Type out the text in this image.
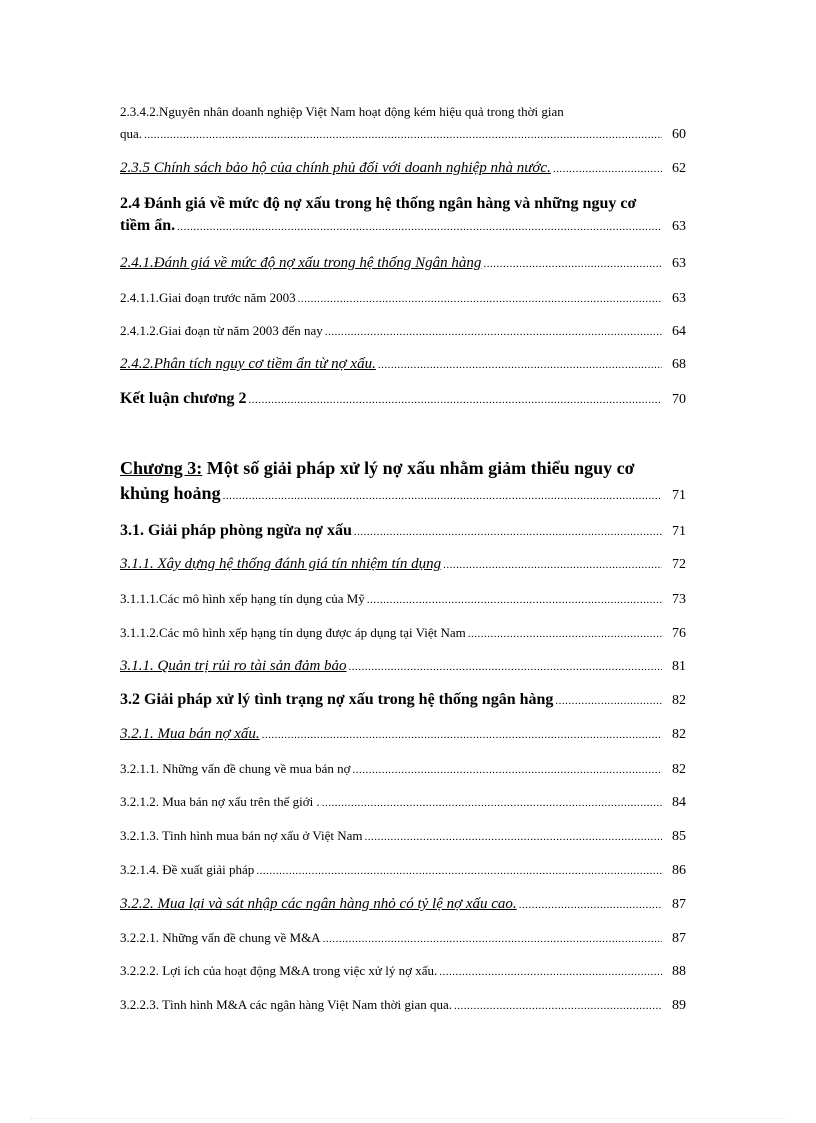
2.3.4.2.Nguyên nhân doanh nghiệp Việt Nam hoạt động kém hiệu quả trong thời gian
qua. .....	60
2.3.5 Chính sách bảo hộ của chính phủ đối với doanh nghiệp nhà nước. .....	62
2.4 Đánh giá về mức độ nợ xấu trong hệ thống ngân hàng và những nguy cơ
tiềm ẩn. .....	63
2.4.1.Đánh giá về mức độ nợ xấu trong hệ thống Ngân hàng .....	63
2.4.1.1.Giai đoạn trước năm 2003 .....	63
2.4.1.2.Giai đoạn từ năm 2003 đến nay .....	64
2.4.2.Phân tích nguy cơ tiềm ẩn từ nợ xấu. .....	68
Kết luận chương 2 .....	70
Chương 3: Một số giải pháp xử lý nợ xấu nhằm giảm thiểu nguy cơ
khủng hoảng .....	71
3.1. Giải pháp phòng ngừa nợ xấu .....	71
3.1.1. Xây dựng hệ thống đánh giá tín nhiệm tín dụng .....	72
3.1.1.1.Các mô hình xếp hạng tín dụng của Mỹ .....	73
3.1.1.2.Các mô hình xếp hạng tín dụng được áp dụng tại Việt Nam .....	76
3.1.1. Quản trị rủi ro tài sản đảm bảo .....	81
3.2 Giải pháp xử lý tình trạng nợ xấu trong hệ thống ngân hàng .....	82
3.2.1. Mua bán nợ xấu. .....	82
3.2.1.1. Những vấn đề chung về mua bán nợ .....	82
3.2.1.2. Mua bán nợ xấu trên thế giới . .....	84
3.2.1.3. Tình hình mua bán nợ xấu ở Việt Nam .....	85
3.2.1.4. Đề xuất giải pháp .....	86
3.2.2. Mua lại và sát nhập các ngân hàng nhỏ có tỷ lệ nợ xấu cao. .....	87
3.2.2.1. Những vấn đề chung về M&A .....	87
3.2.2.2. Lợi ích của hoạt động M&A trong việc xử lý nợ xấu. .....	88
3.2.2.3. Tình hình M&A các ngân hàng Việt Nam thời gian qua. .....	89
